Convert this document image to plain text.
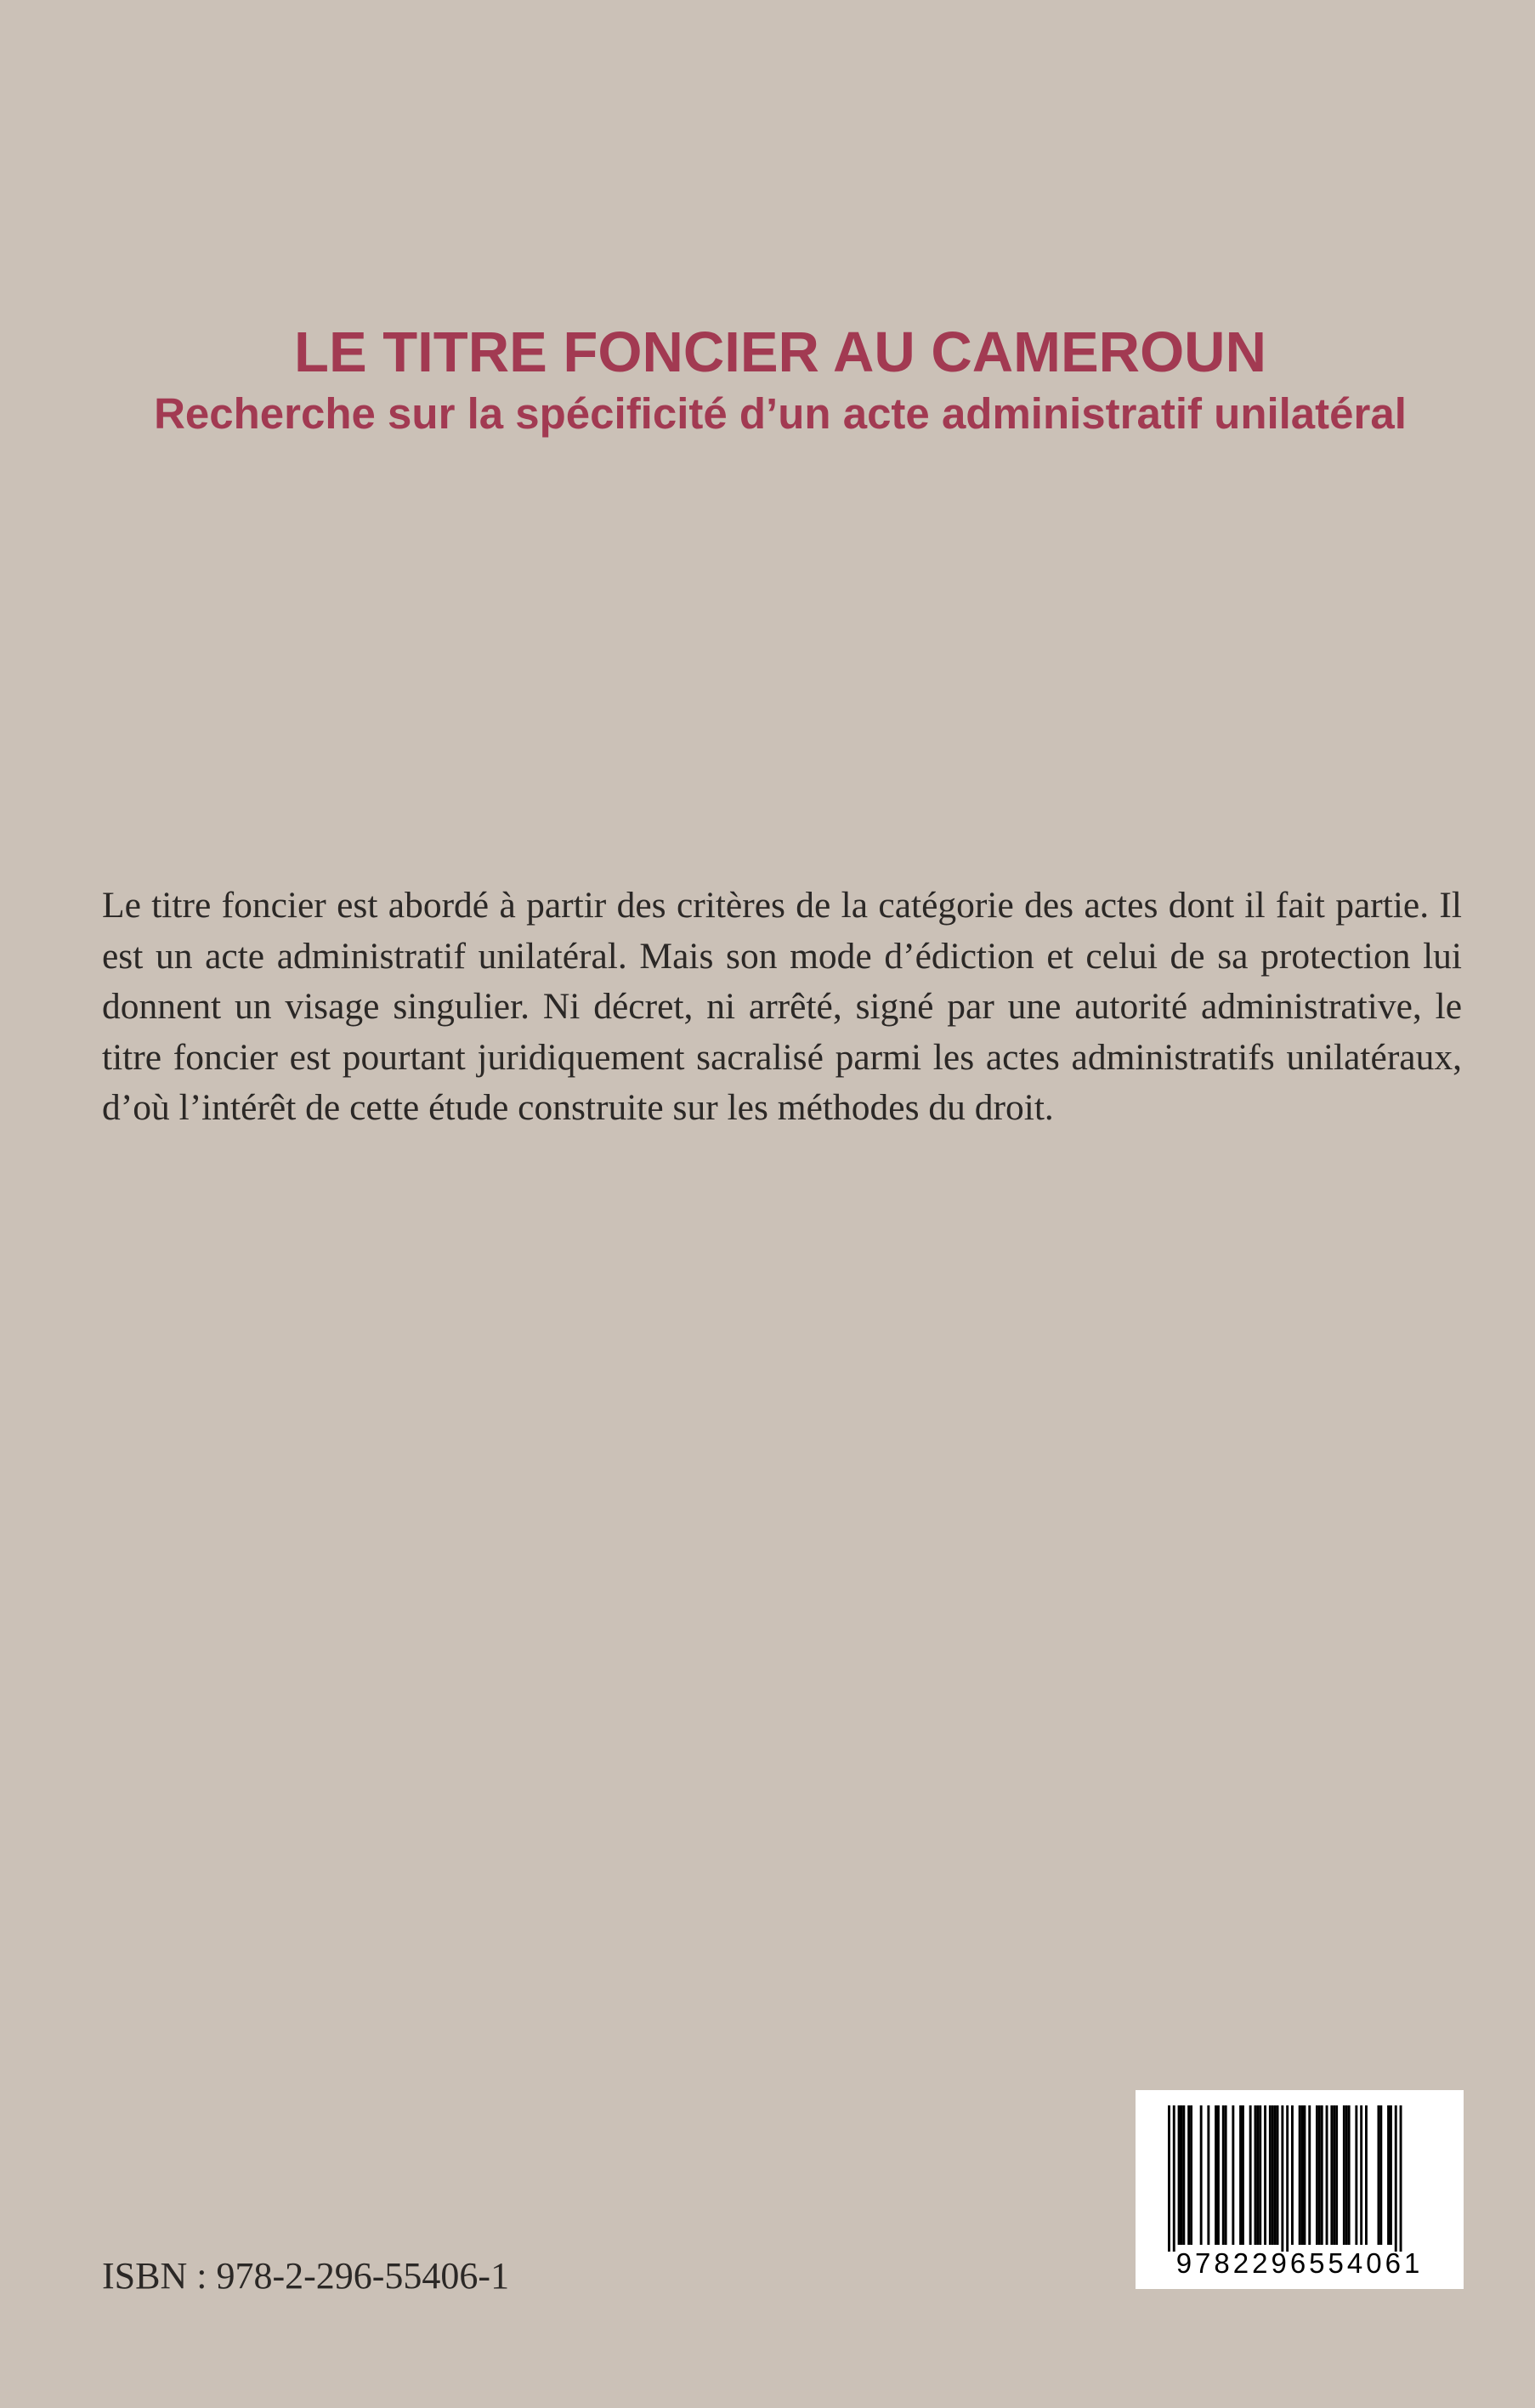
LE TITRE FONCIER AU CAMEROUN
Recherche sur la spécificité d’un acte administratif unilatéral

Le titre foncier est abordé à partir des critères de la catégorie des actes dont il fait partie. Il est un acte administratif unilatéral. Mais son mode d’édiction et celui de sa protection lui donnent un visage singulier. Ni décret, ni arrêté, signé par une autorité administrative, le titre foncier est pourtant juridiquement sacralisé parmi les actes administratifs unilatéraux, d’où l’intérêt de cette étude construite sur les méthodes du droit.

ISBN : 978-2-296-55406-1	9782296554061
